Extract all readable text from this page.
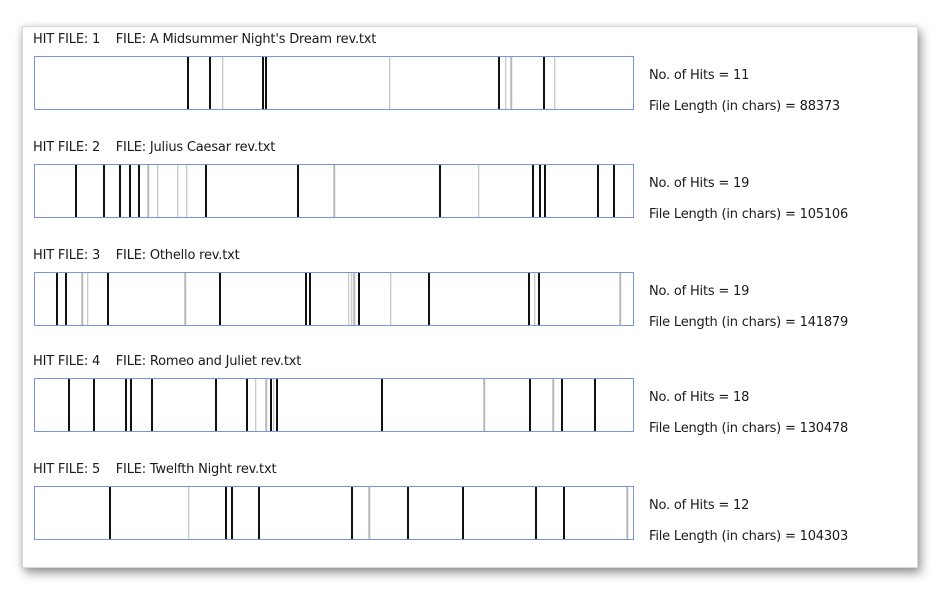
HIT FILE: 1 FILE: A Midsummer Night's Dream rev.txt
No. of Hits = 11
File Length (in chars) = 88373
HIT FILE: 2 FILE: Julius Caesar rev.txt
No. of Hits = 19
File Length (in chars) = 105106
HIT FILE: 3 FILE: Othello rev.txt
No. of Hits = 19
File Length (in chars) = 141879
HIT FILE: 4 FILE: Romeo and Juliet rev.txt
No. of Hits = 18
File Length (in chars) = 130478
HIT FILE: 5 FILE: Twelfth Night rev.txt
No. of Hits = 12
File Length (in chars) = 104303
